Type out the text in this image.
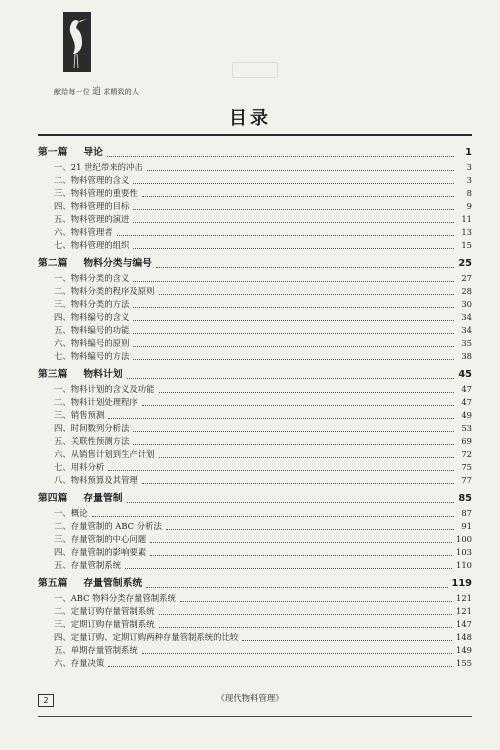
献给每一位 追 求精致的人
目录
第一篇 导论	1
一、21 世纪带来的冲击	3
二、物料管理的含义	3
三、物料管理的重要性	8
四、物料管理的目标	9
五、物料管理的演进	11
六、物料管理者	13
七、物料管理的组织	15
第二篇 物料分类与编号	25
一、物料分类的含义	27
二、物料分类的程序及原则	28
三、物料分类的方法	30
四、物料编号的含义	34
五、物料编号的功能	34
六、物料编号的原则	35
七、物料编号的方法	38
第三篇 物料计划	45
一、物料计划的含义及功能	47
二、物料计划处理程序	47
三、销售预测	49
四、时间数列分析法	53
五、关联性预测方法	69
六、从销售计划到生产计划	72
七、用料分析	75
八、物料预算及其管理	77
第四篇 存量管制	85
一、概论	87
二、存量管制的 ABC 分析法	91
三、存量管制的中心问题	100
四、存量管制的影响要素	103
五、存量管制系统	110
第五篇 存量管制系统	119
一、ABC 物料分类存量管制系统	121
二、定量订购存量管制系统	121
三、定期订购存量管制系统	147
四、定量订购、定期订购两种存量管制系统的比较	148
五、单期存量管制系统	149
六、存量决策	155
2	《现代物料管理》
